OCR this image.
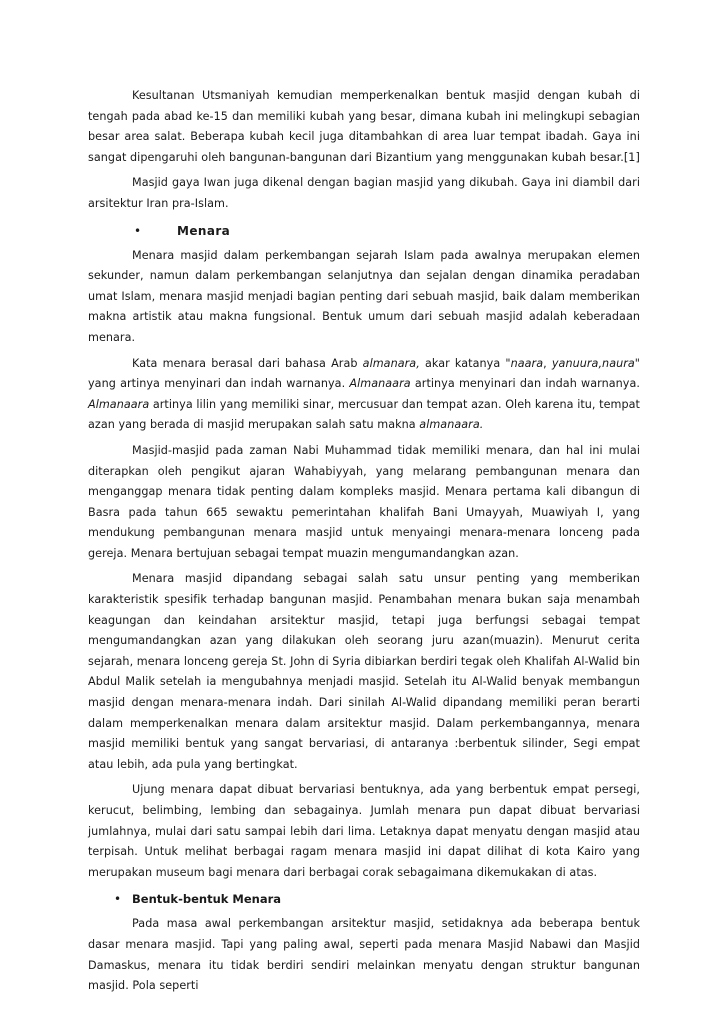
Kesultanan Utsmaniyah kemudian memperkenalkan bentuk masjid dengan kubah di tengah pada abad ke-15 dan memiliki kubah yang besar, dimana kubah ini melingkupi sebagian besar area salat. Beberapa kubah kecil juga ditambahkan di area luar tempat ibadah. Gaya ini sangat dipengaruhi oleh bangunan-bangunan dari Bizantium yang menggunakan kubah besar.[1]

Masjid gaya Iwan juga dikenal dengan bagian masjid yang dikubah. Gaya ini diambil dari arsitektur Iran pra-Islam.

•	Menara

Menara masjid dalam perkembangan sejarah Islam pada awalnya merupakan elemen sekunder, namun dalam perkembangan selanjutnya dan sejalan dengan dinamika peradaban umat Islam, menara masjid menjadi bagian penting dari sebuah masjid, baik dalam memberikan makna artistik atau makna fungsional. Bentuk umum dari sebuah masjid adalah keberadaan menara.

Kata menara berasal dari bahasa Arab almanara, akar katanya "naara, yanuura,naura" yang artinya menyinari dan indah warnanya. Almanaara artinya menyinari dan indah warnanya. Almanaara artinya lilin yang memiliki sinar, mercusuar dan tempat azan. Oleh karena itu, tempat azan yang berada di masjid merupakan salah satu makna almanaara.

Masjid-masjid pada zaman Nabi Muhammad tidak memiliki menara, dan hal ini mulai diterapkan oleh pengikut ajaran Wahabiyyah, yang melarang pembangunan menara dan menganggap menara tidak penting dalam kompleks masjid. Menara pertama kali dibangun di Basra pada tahun 665 sewaktu pemerintahan khalifah Bani Umayyah, Muawiyah I, yang mendukung pembangunan menara masjid untuk menyaingi menara-menara lonceng pada gereja. Menara bertujuan sebagai tempat muazin mengumandangkan azan.

Menara masjid dipandang sebagai salah satu unsur penting yang memberikan karakteristik spesifik terhadap bangunan masjid. Penambahan menara bukan saja menambah keagungan dan keindahan arsitektur masjid, tetapi juga berfungsi sebagai tempat mengumandangkan azan yang dilakukan oleh seorang juru azan(muazin). Menurut cerita sejarah, menara lonceng gereja St. John di Syria dibiarkan berdiri tegak oleh Khalifah Al-Walid bin Abdul Malik setelah ia mengubahnya menjadi masjid. Setelah itu Al-Walid benyak membangun masjid dengan menara-menara indah. Dari sinilah Al-Walid dipandang memiliki peran berarti dalam memperkenalkan menara dalam arsitektur masjid. Dalam perkembangannya, menara masjid memiliki bentuk yang sangat bervariasi, di antaranya :berbentuk silinder, Segi empat atau lebih, ada pula yang bertingkat.

Ujung menara dapat dibuat bervariasi bentuknya, ada yang berbentuk empat persegi, kerucut, belimbing, lembing dan sebagainya. Jumlah menara pun dapat dibuat bervariasi jumlahnya, mulai dari satu sampai lebih dari lima. Letaknya dapat menyatu dengan masjid atau terpisah. Untuk melihat berbagai ragam menara masjid ini dapat dilihat di kota Kairo yang merupakan museum bagi menara dari berbagai corak sebagaimana dikemukakan di atas.

• Bentuk-bentuk Menara

Pada masa awal perkembangan arsitektur masjid, setidaknya ada beberapa bentuk dasar menara masjid. Tapi yang paling awal, seperti pada menara Masjid Nabawi dan Masjid Damaskus, menara itu tidak berdiri sendiri melainkan menyatu dengan struktur bangunan masjid. Pola seperti
